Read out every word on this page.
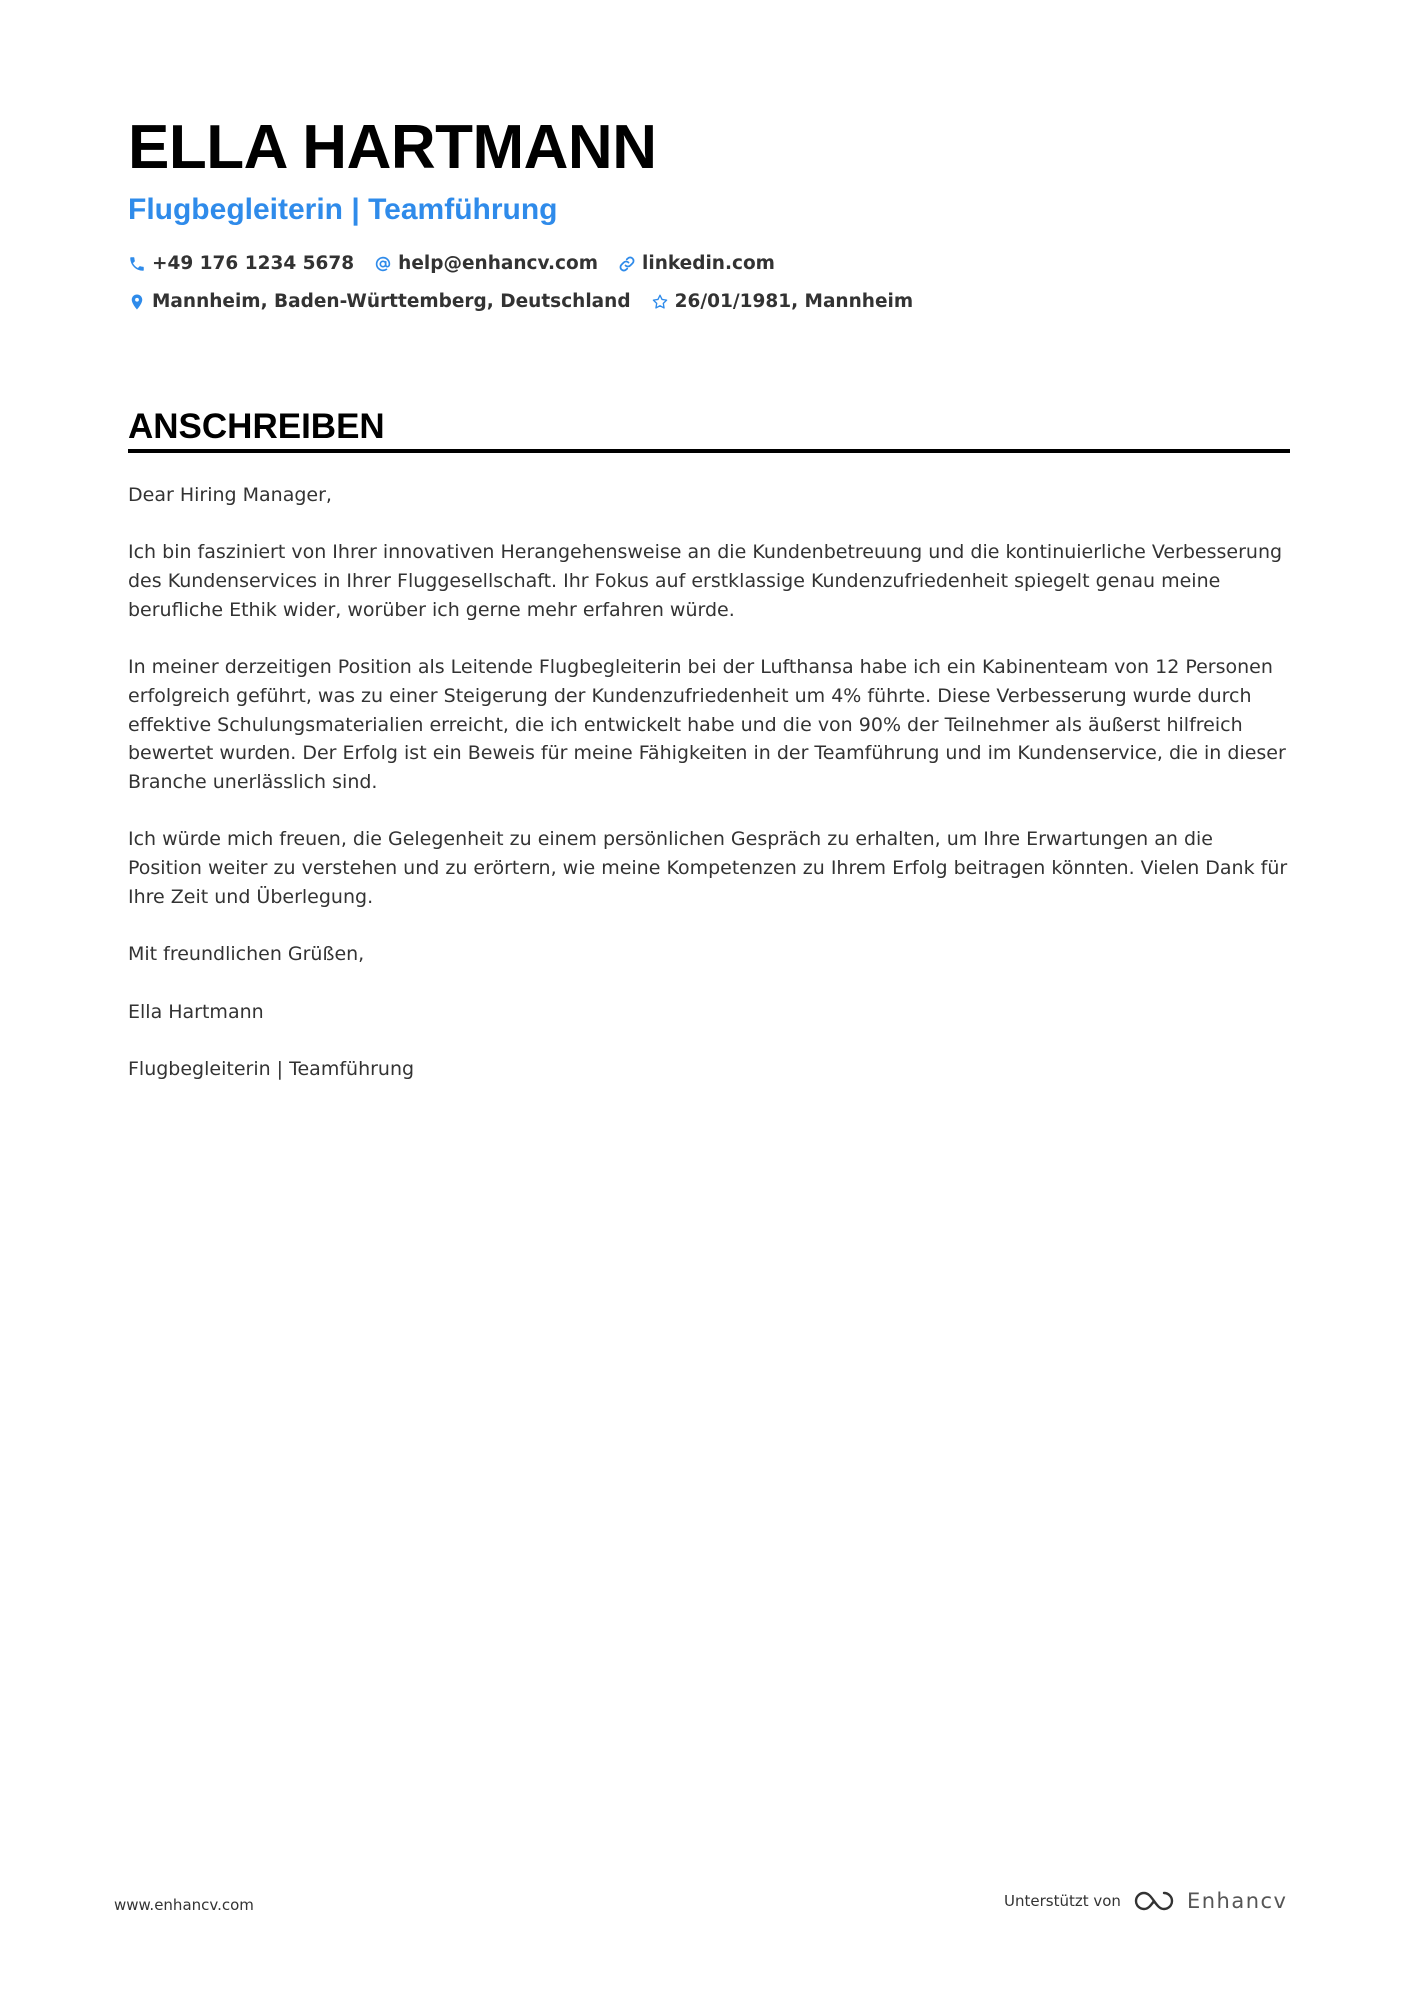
ELLA HARTMANN
Flugbegleiterin | Teamführung
+49 176 1234 5678 help@enhancv.com linkedin.com
Mannheim, Baden-Württemberg, Deutschland 26/01/1981, Mannheim
ANSCHREIBEN

Dear Hiring Manager,

Ich bin fasziniert von Ihrer innovativen Herangehensweise an die Kundenbetreuung und die kontinuierliche Verbesserung des Kundenservices in Ihrer Fluggesellschaft. Ihr Fokus auf erstklassige Kundenzufriedenheit spiegelt genau meine berufliche Ethik wider, worüber ich gerne mehr erfahren würde.

In meiner derzeitigen Position als Leitende Flugbegleiterin bei der Lufthansa habe ich ein Kabinenteam von 12 Personen erfolgreich geführt, was zu einer Steigerung der Kundenzufriedenheit um 4% führte. Diese Verbesserung wurde durch effektive Schulungsmaterialien erreicht, die ich entwickelt habe und die von 90% der Teilnehmer als äußerst hilfreich bewertet wurden. Der Erfolg ist ein Beweis für meine Fähigkeiten in der Teamführung und im Kundenservice, die in dieser Branche unerlässlich sind.

Ich würde mich freuen, die Gelegenheit zu einem persönlichen Gespräch zu erhalten, um Ihre Erwartungen an die Position weiter zu verstehen und zu erörtern, wie meine Kompetenzen zu Ihrem Erfolg beitragen könnten. Vielen Dank für Ihre Zeit und Überlegung.

Mit freundlichen Grüßen,

Ella Hartmann

Flugbegleiterin | Teamführung

www.enhancv.com	Unterstützt von	Enhancv
